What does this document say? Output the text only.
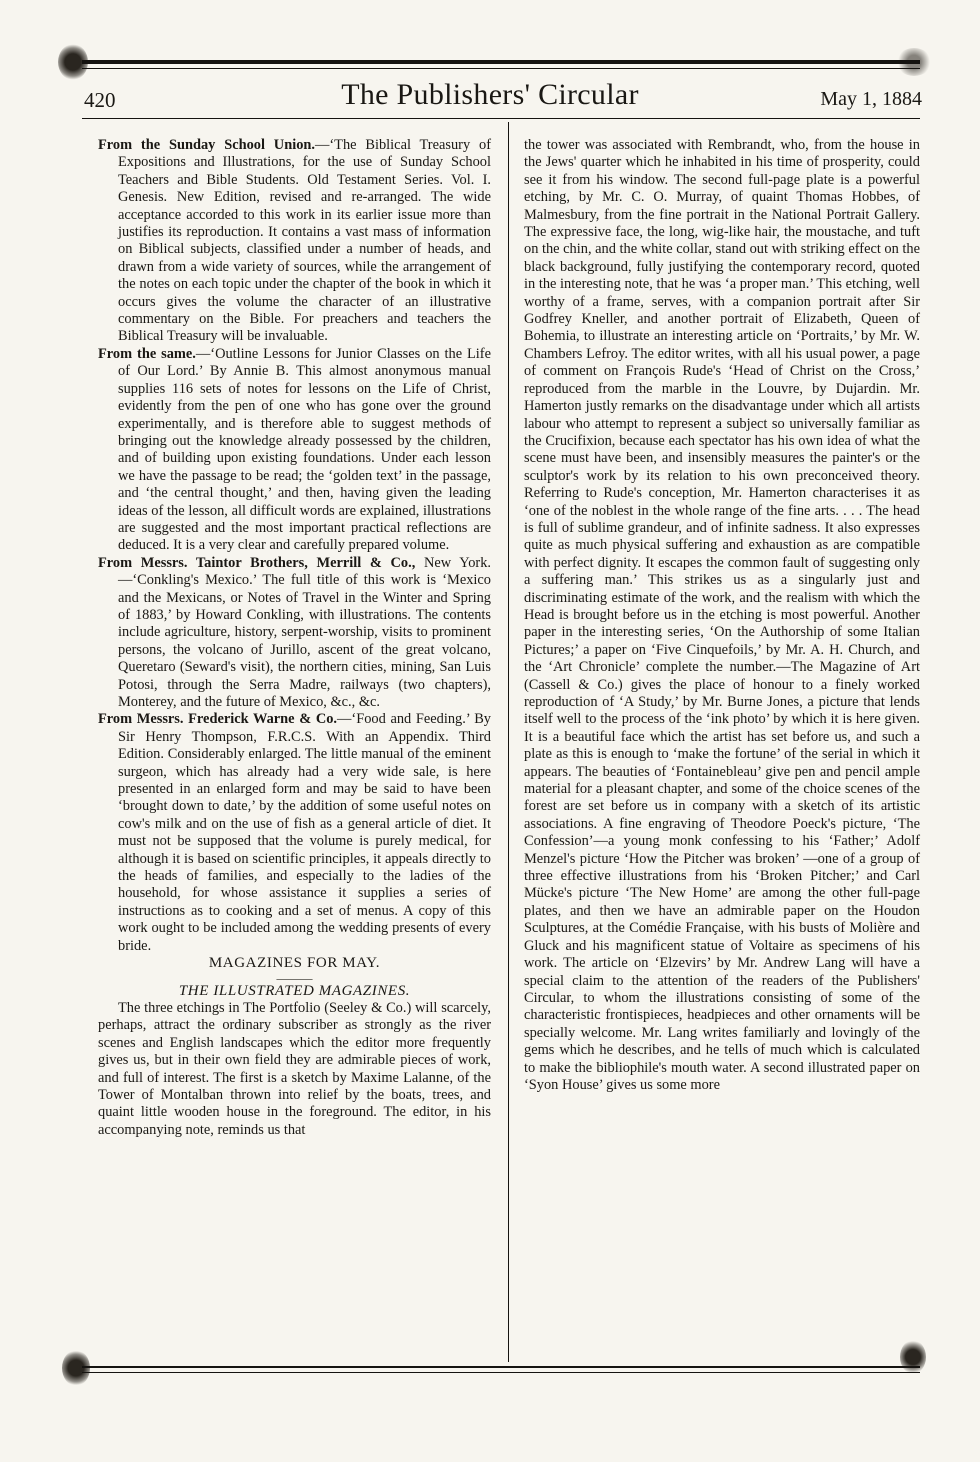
420	The Publishers' Circular	May 1, 1884

From the Sunday School Union.—‘The Biblical Treasury of Expositions and Illustrations, for the use of Sunday School Teachers and Bible Students. Old Testament Series. Vol. I. Genesis. New Edition, revised and re-arranged. The wide acceptance accorded to this work in its earlier issue more than justifies its reproduction. It contains a vast mass of information on Biblical subjects, classified under a number of heads, and drawn from a wide variety of sources, while the arrangement of the notes on each topic under the chapter of the book in which it occurs gives the volume the character of an illustrative commentary on the Bible. For preachers and teachers the Biblical Treasury will be invaluable.

From the same.—‘Outline Lessons for Junior Classes on the Life of Our Lord.’ By Annie B. This almost anonymous manual supplies 116 sets of notes for lessons on the Life of Christ, evidently from the pen of one who has gone over the ground experimentally, and is therefore able to suggest methods of bringing out the knowledge already possessed by the children, and of building upon existing foundations. Under each lesson we have the passage to be read; the ‘golden text’ in the passage, and ‘the central thought,’ and then, having given the leading ideas of the lesson, all difficult words are explained, illustrations are suggested and the most important practical reflections are deduced. It is a very clear and carefully prepared volume.

From Messrs. Taintor Brothers, Merrill & Co., New York.—‘Conkling's Mexico.’ The full title of this work is ‘Mexico and the Mexicans, or Notes of Travel in the Winter and Spring of 1883,’ by Howard Conkling, with illustrations. The contents include agriculture, history, serpent-worship, visits to prominent persons, the volcano of Jurillo, ascent of the great volcano, Queretaro (Seward's visit), the northern cities, mining, San Luis Potosi, through the Serra Madre, railways (two chapters), Monterey, and the future of Mexico, &c., &c.

From Messrs. Frederick Warne & Co.—‘Food and Feeding.’ By Sir Henry Thompson, F.R.C.S. With an Appendix. Third Edition. Considerably enlarged. The little manual of the eminent surgeon, which has already had a very wide sale, is here presented in an enlarged form and may be said to have been ‘brought down to date,’ by the addition of some useful notes on cow's milk and on the use of fish as a general article of diet. It must not be supposed that the volume is purely medical, for although it is based on scientific principles, it appeals directly to the heads of families, and especially to the ladies of the household, for whose assistance it supplies a series of instructions as to cooking and a set of menus. A copy of this work ought to be included among the wedding presents of every bride.

MAGAZINES FOR MAY.

———

THE ILLUSTRATED MAGAZINES.

The three etchings in The Portfolio (Seeley & Co.) will scarcely, perhaps, attract the ordinary subscriber as strongly as the river scenes and English landscapes which the editor more frequently gives us, but in their own field they are admirable pieces of work, and full of interest. The first is a sketch by Maxime Lalanne, of the Tower of Montalban thrown into relief by the boats, trees, and quaint little wooden house in the foreground. The editor, in his accompanying note, reminds us that

the tower was associated with Rembrandt, who, from the house in the Jews' quarter which he inhabited in his time of prosperity, could see it from his window. The second full-page plate is a powerful etching, by Mr. C. O. Murray, of quaint Thomas Hobbes, of Malmesbury, from the fine portrait in the National Portrait Gallery. The expressive face, the long, wig-like hair, the moustache, and tuft on the chin, and the white collar, stand out with striking effect on the black background, fully justifying the contemporary record, quoted in the interesting note, that he was ‘a proper man.’ This etching, well worthy of a frame, serves, with a companion portrait after Sir Godfrey Kneller, and another portrait of Elizabeth, Queen of Bohemia, to illustrate an interesting article on ‘Portraits,’ by Mr. W. Chambers Lefroy. The editor writes, with all his usual power, a page of comment on François Rude's ‘Head of Christ on the Cross,’ reproduced from the marble in the Louvre, by Dujardin. Mr. Hamerton justly remarks on the disadvantage under which all artists labour who attempt to represent a subject so universally familiar as the Crucifixion, because each spectator has his own idea of what the scene must have been, and insensibly measures the painter's or the sculptor's work by its relation to his own preconceived theory. Referring to Rude's conception, Mr. Hamerton characterises it as ‘one of the noblest in the whole range of the fine arts. . . . The head is full of sublime grandeur, and of infinite sadness. It also expresses quite as much physical suffering and exhaustion as are compatible with perfect dignity. It escapes the common fault of suggesting only a suffering man.’ This strikes us as a singularly just and discriminating estimate of the work, and the realism with which the Head is brought before us in the etching is most powerful. Another paper in the interesting series, ‘On the Authorship of some Italian Pictures;’ a paper on ‘Five Cinquefoils,’ by Mr. A. H. Church, and the ‘Art Chronicle’ complete the number.—The Magazine of Art (Cassell & Co.) gives the place of honour to a finely worked reproduction of ‘A Study,’ by Mr. Burne Jones, a picture that lends itself well to the process of the ‘ink photo’ by which it is here given. It is a beautiful face which the artist has set before us, and such a plate as this is enough to ‘make the fortune’ of the serial in which it appears. The beauties of ‘Fontainebleau’ give pen and pencil ample material for a pleasant chapter, and some of the choice scenes of the forest are set before us in company with a sketch of its artistic associations. A fine engraving of Theodore Poeck's picture, ‘The Confession’—a young monk confessing to his ‘Father;’ Adolf Menzel's picture ‘How the Pitcher was broken’ —one of a group of three effective illustrations from his ‘Broken Pitcher;’ and Carl Mücke's picture ‘The New Home’ are among the other full-page plates, and then we have an admirable paper on the Houdon Sculptures, at the Comédie Française, with his busts of Molière and Gluck and his magnificent statue of Voltaire as specimens of his work. The article on ‘Elzevirs’ by Mr. Andrew Lang will have a special claim to the attention of the readers of the Publishers' Circular, to whom the illustrations consisting of some of the characteristic frontispieces, headpieces and other ornaments will be specially welcome. Mr. Lang writes familiarly and lovingly of the gems which he describes, and he tells of much which is calculated to make the bibliophile's mouth water. A second illustrated paper on ‘Syon House’ gives us some more
